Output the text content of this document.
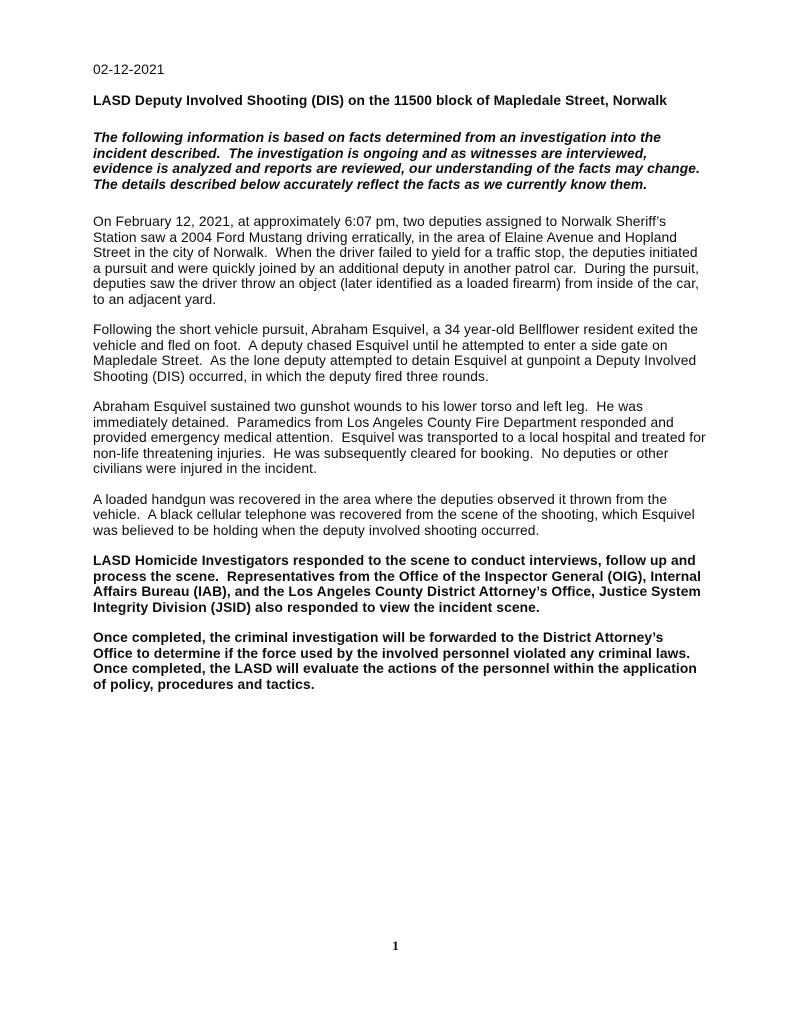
02-12-2021
LASD Deputy Involved Shooting (DIS) on the 11500 block of Mapledale Street, Norwalk

The following information is based on facts determined from an investigation into the incident described.  The investigation is ongoing and as witnesses are interviewed, evidence is analyzed and reports are reviewed, our understanding of the facts may change.  The details described below accurately reflect the facts as we currently know them.

On February 12, 2021, at approximately 6:07 pm, two deputies assigned to Norwalk Sheriff’s Station saw a 2004 Ford Mustang driving erratically, in the area of Elaine Avenue and Hopland Street in the city of Norwalk.  When the driver failed to yield for a traffic stop, the deputies initiated a pursuit and were quickly joined by an additional deputy in another patrol car.  During the pursuit, deputies saw the driver throw an object (later identified as a loaded firearm) from inside of the car, to an adjacent yard.

Following the short vehicle pursuit, Abraham Esquivel, a 34 year-old Bellflower resident exited the vehicle and fled on foot.  A deputy chased Esquivel until he attempted to enter a side gate on Mapledale Street.  As the lone deputy attempted to detain Esquivel at gunpoint a Deputy Involved Shooting (DIS) occurred, in which the deputy fired three rounds.

Abraham Esquivel sustained two gunshot wounds to his lower torso and left leg.  He was immediately detained.  Paramedics from Los Angeles County Fire Department responded and provided emergency medical attention.  Esquivel was transported to a local hospital and treated for non-life threatening injuries.  He was subsequently cleared for booking.  No deputies or other civilians were injured in the incident.

A loaded handgun was recovered in the area where the deputies observed it thrown from the vehicle.  A black cellular telephone was recovered from the scene of the shooting, which Esquivel was believed to be holding when the deputy involved shooting occurred.

LASD Homicide Investigators responded to the scene to conduct interviews, follow up and process the scene.  Representatives from the Office of the Inspector General (OIG), Internal Affairs Bureau (IAB), and the Los Angeles County District Attorney’s Office, Justice System Integrity Division (JSID) also responded to view the incident scene.

Once completed, the criminal investigation will be forwarded to the District Attorney’s Office to determine if the force used by the involved personnel violated any criminal laws.  Once completed, the LASD will evaluate the actions of the personnel within the application of policy, procedures and tactics.

1
